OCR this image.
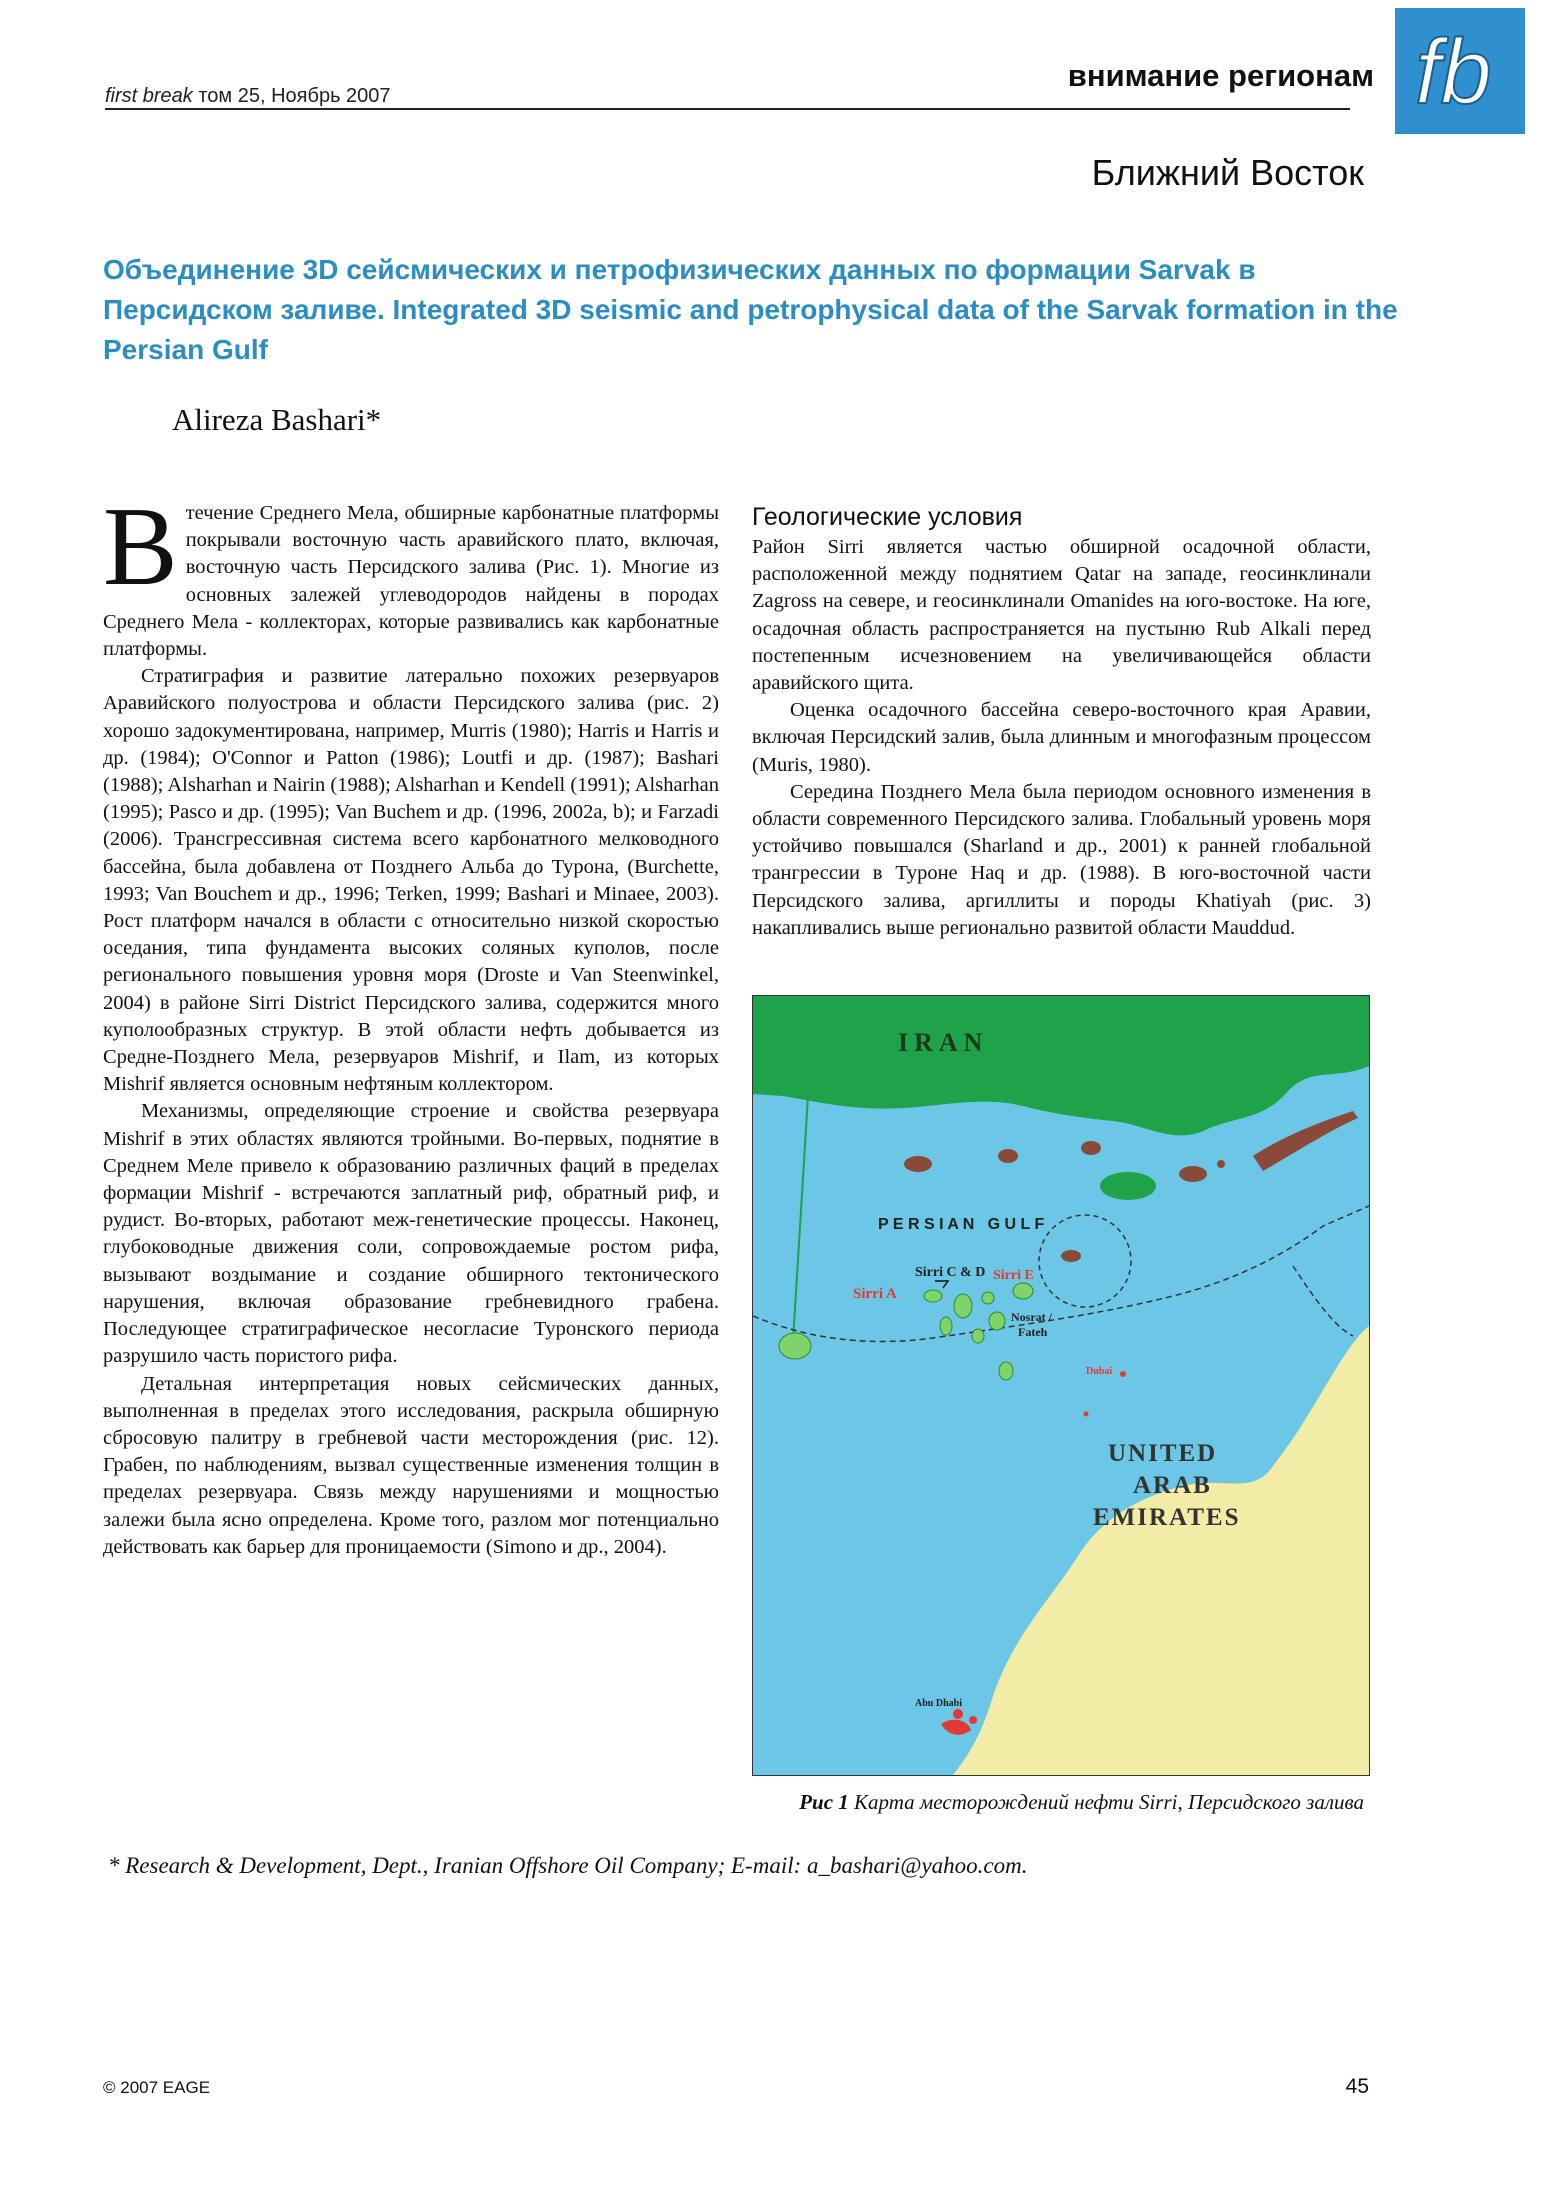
first break том 25, Ноябрь 2007
внимание регионам fb
Ближний Восток
Объединение 3D сейсмических и петрофизических данных по формации Sarvak в Персидском заливе. Integrated 3D seismic and petrophysical data of the Sarvak formation in the Persian Gulf
Alireza Bashari*

Втечение Среднего Мела, обширные карбонатные платформы покрывали восточную часть аравийского плато, включая, восточную часть Персидского залива (Рис. 1). Многие из основных залежей углеводородов найдены в породах Среднего Мела - коллекторах, которые развивались как карбонатные платформы.

Стратиграфия и развитие латерально похожих резервуаров Аравийского полуострова и области Персидского залива (рис. 2) хорошо задокументирована, например, Murris (1980); Harris и Harris и др. (1984); O'Connor и Patton (1986); Loutfi и др. (1987); Bashari (1988); Alsharhan и Nairin (1988); Alsharhan и Kendell (1991); Alsharhan (1995); Pasco и др. (1995); Van Buchem и др. (1996, 2002a, b); и Farzadi (2006). Трансгрессивная система всего карбонатного мелководного бассейна, была добавлена от Позднего Альба до Турона, (Burchette, 1993; Van Bouchem и др., 1996; Terken, 1999; Bashari и Minaee, 2003). Рост платформ начался в области с относительно низкой скоростью оседания, типа фундамента высоких соляных куполов, после регионального повышения уровня моря (Droste и Van Steenwinkel, 2004) в районе Sirri District Персидского залива, содержится много куполообразных структур. В этой области нефть добывается из Средне-Позднего Мела, резервуаров Mishrif, и Ilam, из которых Mishrif является основным нефтяным коллектором.

Механизмы, определяющие строение и свойства резервуара Mishrif в этих областях являются тройными. Во-первых, поднятие в Среднем Меле привело к образованию различных фаций в пределах формации Mishrif - встречаются заплатный риф, обратный риф, и рудист. Во-вторых, работают меж-генетические процессы. Наконец, глубоководные движения соли, сопровождаемые ростом рифа, вызывают воздымание и создание обширного тектонического нарушения, включая образование гребневидного грабена. Последующее стратиграфическое несогласие Туронского периода разрушило часть пористого рифа.

Детальная интерпретация новых сейсмических данных, выполненная в пределах этого исследования, раскрыла обширную сбросовую палитру в гребневой части месторождения (рис. 12). Грабен, по наблюдениям, вызвал существенные изменения толщин в пределах резервуара. Связь между нарушениями и мощностью залежи была ясно определена. Кроме того, разлом мог потенциально действовать как барьер для проницаемости (Simono и др., 2004).

Геологические условия

Район Sirri является частью обширной осадочной области, расположенной между поднятием Qatar на западе, геосинклинали Zagross на севере, и геосинклинали Omanides на юго-востоке. На юге, осадочная область распространяется на пустыню Rub Alkali перед постепенным исчезновением на увеличивающейся области аравийского щита.

Оценка осадочного бассейна северо-восточного края Аравии, включая Персидский залив, была длинным и многофазным процессом (Muris, 1980).

Середина Позднего Мела была периодом основного изменения в области современного Персидского залива. Глобальный уровень моря устойчиво повышался (Sharland и др., 2001) к ранней глобальной трангрессии в Туроне Haq и др. (1988). В юго-восточной части Персидского залива, аргиллиты и породы Khatiyah (рис. 3) накапливались выше регионально развитой области Mauddud.

IRAN
P E R S I A N   G U L F
Sirri C & D Sirri E
Sirri A
Nosrat /
Fateh
Dubai
UNITED
ARAB
EMIRATES
Abu Dhabi
Рис 1 Карта месторождений нефти Sirri, Персидского залива
* Research & Development, Dept., Iranian Offshore Oil Company; E-mail: a_bashari@yahoo.com.
© 2007 EAGE	45
